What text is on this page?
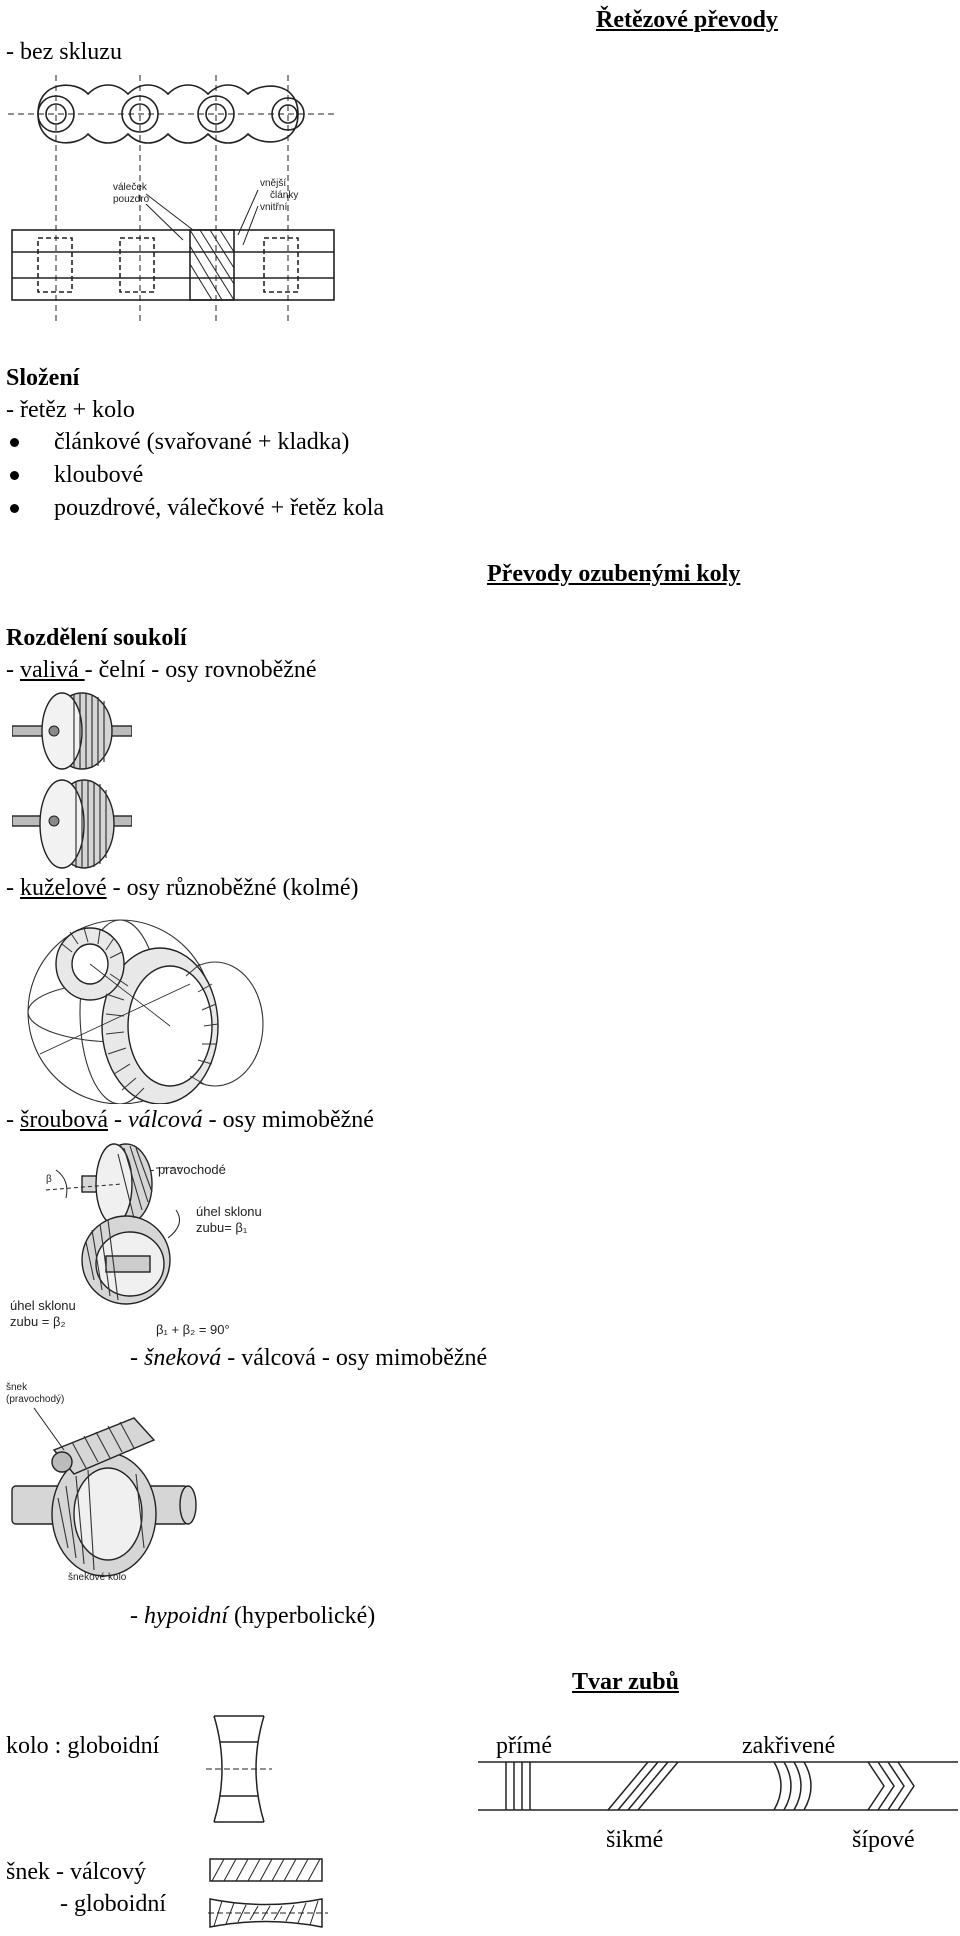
Řetězové převody
- bez skluzu
váleček
pouzdro
vnější
články
vnitřní
Složení
- řetěz + kolo
článkové (svařované + kladka)
kloubové
pouzdrové, válečkové + řetěz kola
Převody ozubenými koly
Rozdělení soukolí
- valivá - čelní - osy rovnoběžné
- kuželové - osy různoběžné (kolmé)
- šroubová - válcová - osy mimoběžné
β
- pravochodé
úhel sklonu
zubu= β₁
úhel sklonu
zubu = β₂
β₁ + β₂ = 90°
- šneková - válcová - osy mimoběžné
šnek
(pravochodý)
šnekové kolo
- hypoidní (hyperbolické)
Tvar zubů
kolo : globoidní
šnek - válcový
- globoidní
přímé	zakřivené
šikmé	šípové
